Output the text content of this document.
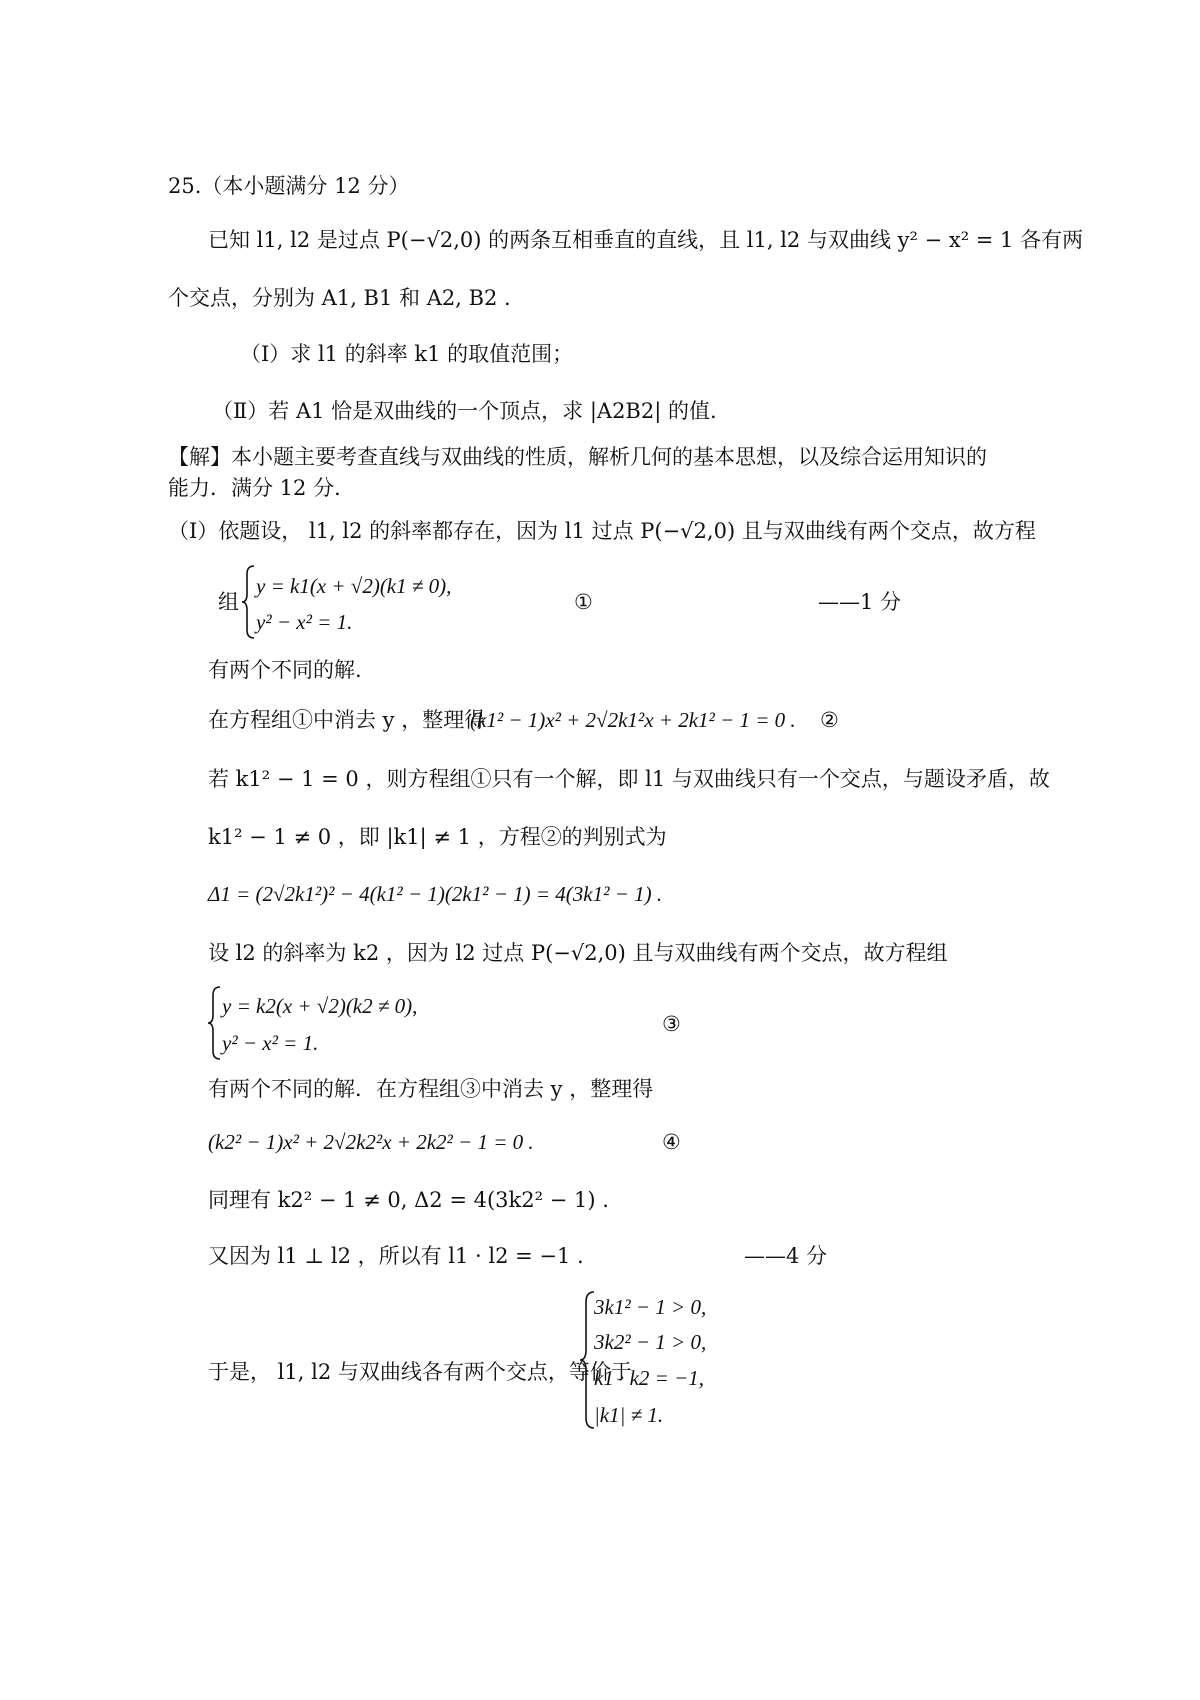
25.（本小题满分 12 分）
已知 l1, l2 是过点 P(−√2,0) 的两条互相垂直的直线，且 l1, l2 与双曲线 y² − x² = 1 各有两
个交点，分别为 A1, B1 和 A2, B2 .
（Ⅰ）求 l1 的斜率 k1 的取值范围；
（Ⅱ）若 A1 恰是双曲线的一个顶点，求 |A2B2| 的值.
【解】本小题主要考查直线与双曲线的性质，解析几何的基本思想，以及综合运用知识的
能力．满分 12 分．
（Ⅰ）依题设， l1, l2 的斜率都存在，因为 l1 过点 P(−√2,0) 且与双曲线有两个交点，故方程
组
y = k1(x + √2)(k1 ≠ 0),
y² − x² = 1.
①	——1 分
有两个不同的解.
在方程组①中消去 y ，整理得
(k1² − 1)x² + 2√2k1²x + 2k1² − 1 = 0 . ②
若 k1² − 1 = 0 ，则方程组①只有一个解，即 l1 与双曲线只有一个交点，与题设矛盾，故
k1² − 1 ≠ 0 ，即 |k1| ≠ 1 ，方程②的判别式为
Δ1 = (2√2k1²)² − 4(k1² − 1)(2k1² − 1) = 4(3k1² − 1) .
设 l2 的斜率为 k2 ，因为 l2 过点 P(−√2,0) 且与双曲线有两个交点，故方程组
y = k2(x + √2)(k2 ≠ 0),
y² − x² = 1.
③
有两个不同的解．在方程组③中消去 y ，整理得
(k2² − 1)x² + 2√2k2²x + 2k2² − 1 = 0 .	④
同理有 k2² − 1 ≠ 0, Δ2 = 4(3k2² − 1) .
又因为 l1 ⊥ l2 ，所以有 l1 · l2 = −1 .	——4 分
于是， l1, l2 与双曲线各有两个交点，等价于
3k1² − 1 > 0,
3k2² − 1 > 0,
k1 · k2 = −1,
|k1| ≠ 1.
